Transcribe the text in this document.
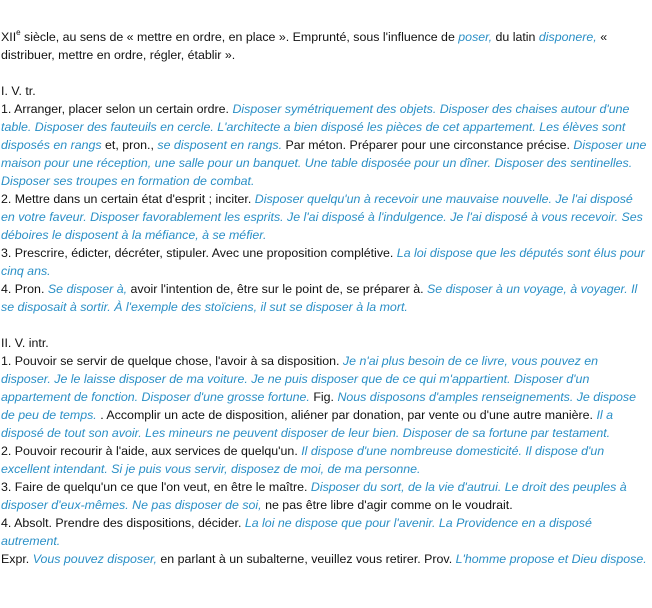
XIIe siècle, au sens de « mettre en ordre, en place ». Emprunté, sous l'influence de poser, du latin disponere, « distribuer, mettre en ordre, régler, établir ».

I. V. tr.

1. Arranger, placer selon un certain ordre. Disposer symétriquement des objets. Disposer des chaises autour d'une table. Disposer des fauteuils en cercle. L'architecte a bien disposé les pièces de cet appartement. Les élèves sont disposés en rangs et, pron., se disposent en rangs. Par méton. Préparer pour une circonstance précise. Disposer une maison pour une réception, une salle pour un banquet. Une table disposée pour un dîner. Disposer des sentinelles. Disposer ses troupes en formation de combat.

2. Mettre dans un certain état d'esprit ; inciter. Disposer quelqu'un à recevoir une mauvaise nouvelle. Je l'ai disposé en votre faveur. Disposer favorablement les esprits. Je l'ai disposé à l'indulgence. Je l'ai disposé à vous recevoir. Ses déboires le disposent à la méfiance, à se méfier.

3. Prescrire, édicter, décréter, stipuler. Avec une proposition complétive. La loi dispose que les députés sont élus pour cinq ans.

4. Pron. Se disposer à, avoir l'intention de, être sur le point de, se préparer à. Se disposer à un voyage, à voyager. Il se disposait à sortir. À l'exemple des stoïciens, il sut se disposer à la mort.

II. V. intr.

1. Pouvoir se servir de quelque chose, l'avoir à sa disposition. Je n'ai plus besoin de ce livre, vous pouvez en disposer. Je le laisse disposer de ma voiture. Je ne puis disposer que de ce qui m'appartient. Disposer d'un appartement de fonction. Disposer d'une grosse fortune. Fig. Nous disposons d'amples renseignements. Je dispose de peu de temps. . Accomplir un acte de disposition, aliéner par donation, par vente ou d'une autre manière. Il a disposé de tout son avoir. Les mineurs ne peuvent disposer de leur bien. Disposer de sa fortune par testament.

2. Pouvoir recourir à l'aide, aux services de quelqu'un. Il dispose d'une nombreuse domesticité. Il dispose d'un excellent intendant. Si je puis vous servir, disposez de moi, de ma personne.

3. Faire de quelqu'un ce que l'on veut, en être le maître. Disposer du sort, de la vie d'autrui. Le droit des peuples à disposer d'eux-mêmes. Ne pas disposer de soi, ne pas être libre d'agir comme on le voudrait.

4. Absolt. Prendre des dispositions, décider. La loi ne dispose que pour l'avenir. La Providence en a disposé autrement.

Expr. Vous pouvez disposer, en parlant à un subalterne, veuillez vous retirer. Prov. L'homme propose et Dieu dispose.
